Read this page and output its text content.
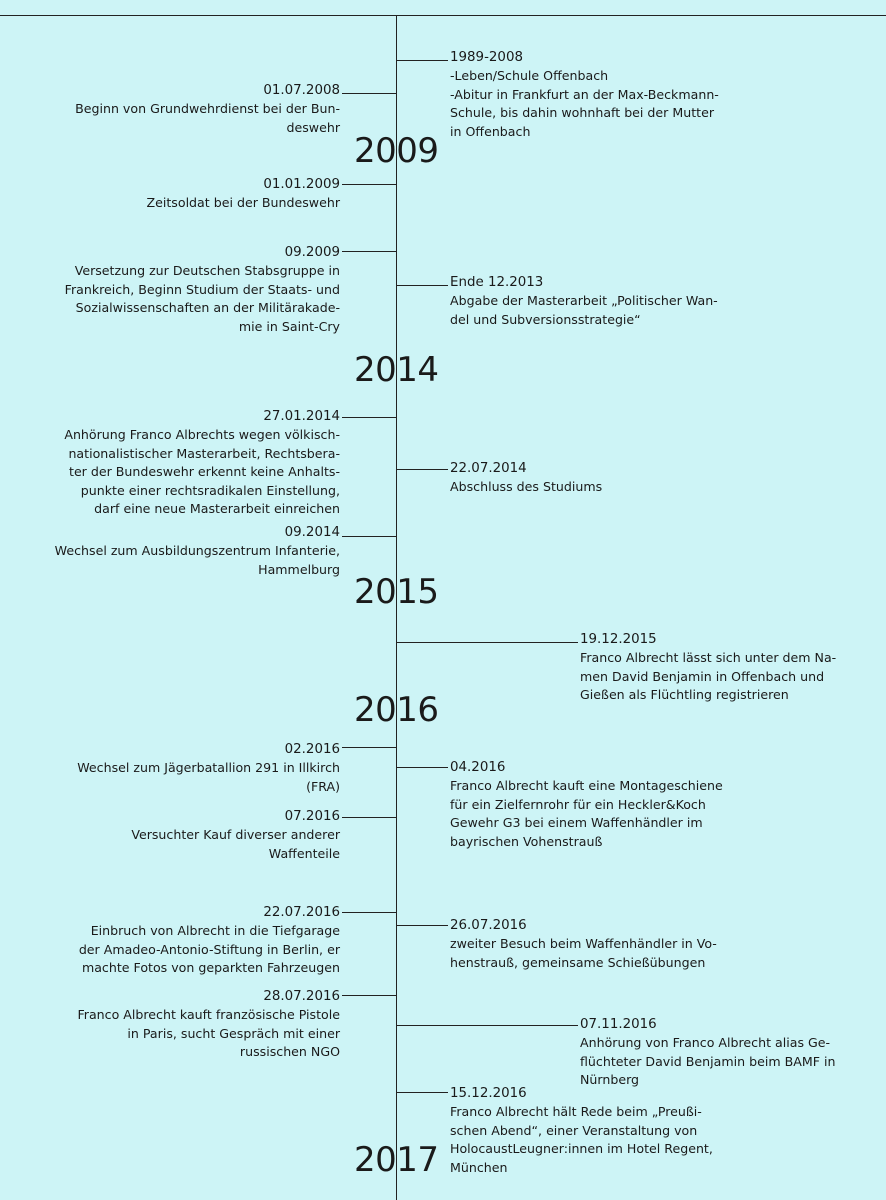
2009
2014
2015
2016
2017
1989-2008
-Leben/Schule Offenbach
-Abitur in Frankfurt an der Max-Beckmann-
Schule, bis dahin wohnhaft bei der Mutter
in Offenbach
01.07.2008
Beginn von Grundwehrdienst bei der Bun-
deswehr
01.01.2009
Zeitsoldat bei der Bundeswehr
09.2009
Versetzung zur Deutschen Stabsgruppe in
Frankreich, Beginn Studium der Staats- und
Sozialwissenschaften an der Militärakade-
mie in Saint-Cry
Ende 12.2013
Abgabe der Masterarbeit „Politischer Wan-
del und Subversionsstrategie“
27.01.2014
Anhörung Franco Albrechts wegen völkisch-
nationalistischer Masterarbeit, Rechtsbera-
ter der Bundeswehr erkennt keine Anhalts-
punkte einer rechtsradikalen Einstellung,
darf eine neue Masterarbeit einreichen
22.07.2014
Abschluss des Studiums
09.2014
Wechsel zum Ausbildungszentrum Infanterie,
Hammelburg
19.12.2015
Franco Albrecht lässt sich unter dem Na-
men David Benjamin in Offenbach und
Gießen als Flüchtling registrieren
02.2016
Wechsel zum Jägerbatallion 291 in Illkirch
(FRA)
04.2016
Franco Albrecht kauft eine Montageschiene
für ein Zielfernrohr für ein Heckler&Koch
Gewehr G3 bei einem Waffenhändler im
bayrischen Vohenstrauß
07.2016
Versuchter Kauf diverser anderer
Waffenteile
22.07.2016
Einbruch von Albrecht in die Tiefgarage
der Amadeo-Antonio-Stiftung in Berlin, er
machte Fotos von geparkten Fahrzeugen
26.07.2016
zweiter Besuch beim Waffenhändler in Vo-
henstrauß, gemeinsame Schießübungen
28.07.2016
Franco Albrecht kauft französische Pistole
in Paris, sucht Gespräch mit einer
russischen NGO
07.11.2016
Anhörung von Franco Albrecht alias Ge-
flüchteter David Benjamin beim BAMF in
Nürnberg
15.12.2016
Franco Albrecht hält Rede beim „Preußi-
schen Abend“, einer Veranstaltung von
HolocaustLeugner:innen im Hotel Regent,
München
